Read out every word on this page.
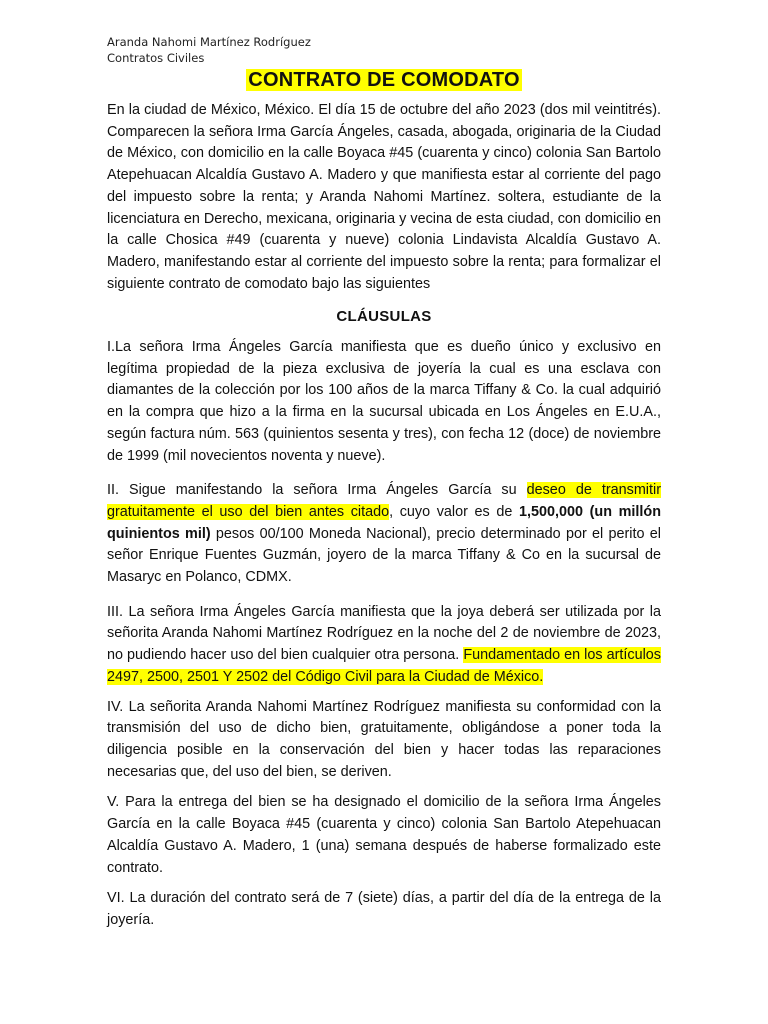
Aranda Nahomi Martínez Rodríguez
Contratos Civiles
CONTRATO DE COMODATO

En la ciudad de México, México. El día 15 de octubre del año 2023 (dos mil veintitrés). Comparecen la señora Irma García Ángeles, casada, abogada, originaria de la Ciudad de México, con domicilio en la calle Boyaca #45 (cuarenta y cinco) colonia San Bartolo Atepehuacan Alcaldía Gustavo A. Madero y que manifiesta estar al corriente del pago del impuesto sobre la renta; y Aranda Nahomi Martínez. soltera, estudiante de la licenciatura en Derecho, mexicana, originaria y vecina de esta ciudad, con domicilio en la calle Chosica #49 (cuarenta y nueve) colonia Lindavista Alcaldía Gustavo A. Madero, manifestando estar al corriente del impuesto sobre la renta; para formalizar el siguiente contrato de comodato bajo las siguientes

CLÁUSULAS

I.La señora Irma Ángeles García manifiesta que es dueño único y exclusivo en legítima propiedad de la pieza exclusiva de joyería la cual es una esclava con diamantes de la colección por los 100 años de la marca Tiffany & Co. la cual adquirió en la compra que hizo a la firma en la sucursal ubicada en Los Ángeles en E.U.A., según factura núm. 563 (quinientos sesenta y tres), con fecha 12 (doce) de noviembre de 1999 (mil novecientos noventa y nueve).

II. Sigue manifestando la señora Irma Ángeles García su deseo de transmitir gratuitamente el uso del bien antes citado, cuyo valor es de 1,500,000 (un millón quinientos mil) pesos 00/100 Moneda Nacional), precio determinado por el perito el señor Enrique Fuentes Guzmán, joyero de la marca Tiffany & Co en la sucursal de Masaryc en Polanco, CDMX.

III. La señora Irma Ángeles García manifiesta que la joya deberá ser utilizada por la señorita Aranda Nahomi Martínez Rodríguez en la noche del 2 de noviembre de 2023, no pudiendo hacer uso del bien cualquier otra persona. Fundamentado en los artículos 2497, 2500, 2501 Y 2502 del Código Civil para la Ciudad de México.

IV. La señorita Aranda Nahomi Martínez Rodríguez manifiesta su conformidad con la transmisión del uso de dicho bien, gratuitamente, obligándose a poner toda la diligencia posible en la conservación del bien y hacer todas las reparaciones necesarias que, del uso del bien, se deriven.

V. Para la entrega del bien se ha designado el domicilio de la señora Irma Ángeles García en la calle Boyaca #45 (cuarenta y cinco) colonia San Bartolo Atepehuacan Alcaldía Gustavo A. Madero, 1 (una) semana después de haberse formalizado este contrato.

VI. La duración del contrato será de 7 (siete) días, a partir del día de la entrega de la joyería.
